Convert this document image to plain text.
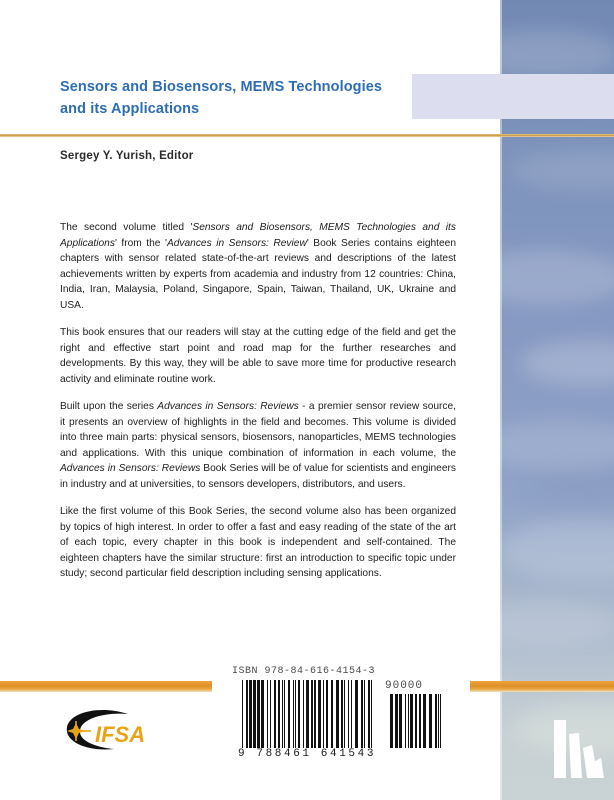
Sensors and Biosensors, MEMS Technologies
and its Applications
Sergey Y. Yurish, Editor

The second volume titled 'Sensors and Biosensors, MEMS Technologies and its Applications' from the 'Advances in Sensors: Review' Book Series contains eighteen chapters with sensor related state-of-the-art reviews and descriptions of the latest achievements written by experts from academia and industry from 12 countries: China, India, Iran, Malaysia, Poland, Singapore, Spain, Taiwan, Thailand, UK, Ukraine and USA.

This book ensures that our readers will stay at the cutting edge of the field and get the right and effective start point and road map for the further researches and developments. By this way, they will be able to save more time for productive research activity and eliminate routine work.

Built upon the series Advances in Sensors: Reviews - a premier sensor review source, it presents an overview of highlights in the field and becomes. This volume is divided into three main parts: physical sensors, biosensors, nanoparticles, MEMS technologies and applications. With this unique combination of information in each volume, the Advances in Sensors: Reviews Book Series will be of value for scientists and engineers in industry and at universities, to sensors developers, distributors, and users.

Like the first volume of this Book Series, the second volume also has been organized by topics of high interest. In order to offer a fast and easy reading of the state of the art of each topic, every chapter in this book is independent and self-contained. The eighteen chapters have the similar structure: first an introduction to specific topic under study; second particular field description including sensing applications.

IFSA
ISBN 978-84-616-4154-3
90000
9 788461 641543
